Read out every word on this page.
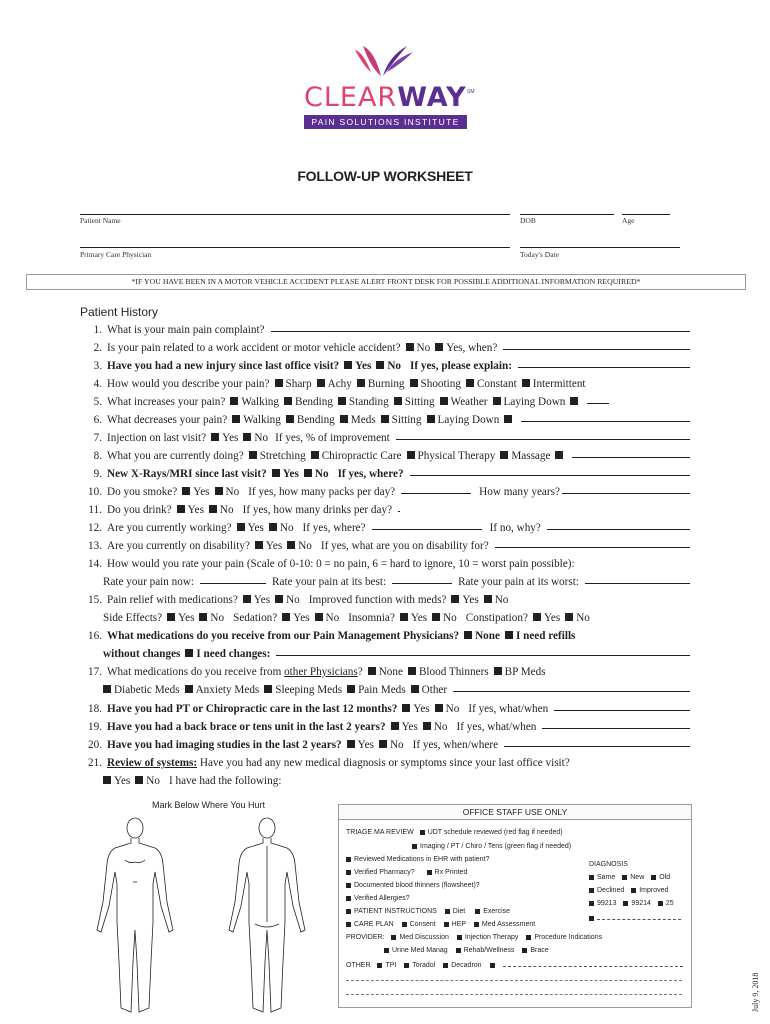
CLEARWAY SM
PAIN SOLUTIONS INSTITUTE
FOLLOW-UP WORKSHEET
Patient Name	DOB	Age
Primary Care Physician	Today's Date
*IF YOU HAVE BEEN IN A MOTOR VEHICLE ACCIDENT PLEASE ALERT FRONT DESK FOR POSSIBLE ADDITIONAL INFORMATION REQUIRED*
Patient History
1. What is your main pain complaint?
2. Is your pain related to a work accident or motor vehicle accident? No Yes, when?
3. Have you had a new injury since last office visit? Yes No If yes, please explain:
4. How would you describe your pain? Sharp Achy Burning Shooting Constant Intermittent
5. What increases your pain? Walking Bending Standing Sitting Weather Laying Down
6. What decreases your pain? Walking Bending Meds Sitting Laying Down
7. Injection on last visit? Yes No If yes, % of improvement
8. What you are currently doing? Stretching Chiropractic Care Physical Therapy Massage
9. New X-Rays/MRI since last visit? Yes No If yes, where?
10. Do you smoke? Yes No If yes, how many packs per day?	How many years?
11. Do you drink? Yes No If yes, how many drinks per day?
12. Are you currently working? Yes No If yes, where?	If no, why?
13. Are you currently on disability? Yes No If yes, what are you on disability for?
14. How would you rate your pain (Scale of 0-10: 0 = no pain, 6 = hard to ignore, 10 = worst pain possible):
Rate your pain now:	Rate your pain at its best:	Rate your pain at its worst:
15. Pain relief with medications? Yes No Improved function with meds? Yes No
Side Effects? Yes No Sedation? Yes No Insomnia? Yes No Constipation? Yes No
16. What medications do you receive from our Pain Management Physicians? None I need refills
without changes I need changes:
17. What medications do you receive from other Physicians? None Blood Thinners BP Meds
Diabetic Meds Anxiety Meds Sleeping Meds Pain Meds Other
18. Have you had PT or Chiropractic care in the last 12 months? Yes No If yes, what/when
19. Have you had a back brace or tens unit in the last 2 years? Yes No If yes, what/when
20. Have you had imaging studies in the last 2 years? Yes No If yes, when/where
21. Review of systems: Have you had any new medical diagnosis or symptoms since your last office visit?
Yes No I have had the following:
Mark Below Where You Hurt
OFFICE STAFF USE ONLY
TRIAGE MA REVIEW UDT schedule reviewed (red flag if needed)
Imaging / PT / Chiro / Tens (green flag if needed)
Reviewed Medications in EHR with patient?
Verified Pharmacy?	Rx Printed
Documented blood thinners (flowsheet)?
Verified Allergies?
PATIENT INSTRUCTIONS Diet	Exercise
CARE PLAN Consent HEP Med Assessment
PROVIDER: Med Discussion Injection Therapy Procedure Indications
Urine Med Manag Rehab/Wellness Brace
OTHER TPI Toradol Decadron
DIAGNOSIS
Same New Old
Declined Improved
99213 99214 25
July 9, 2018
